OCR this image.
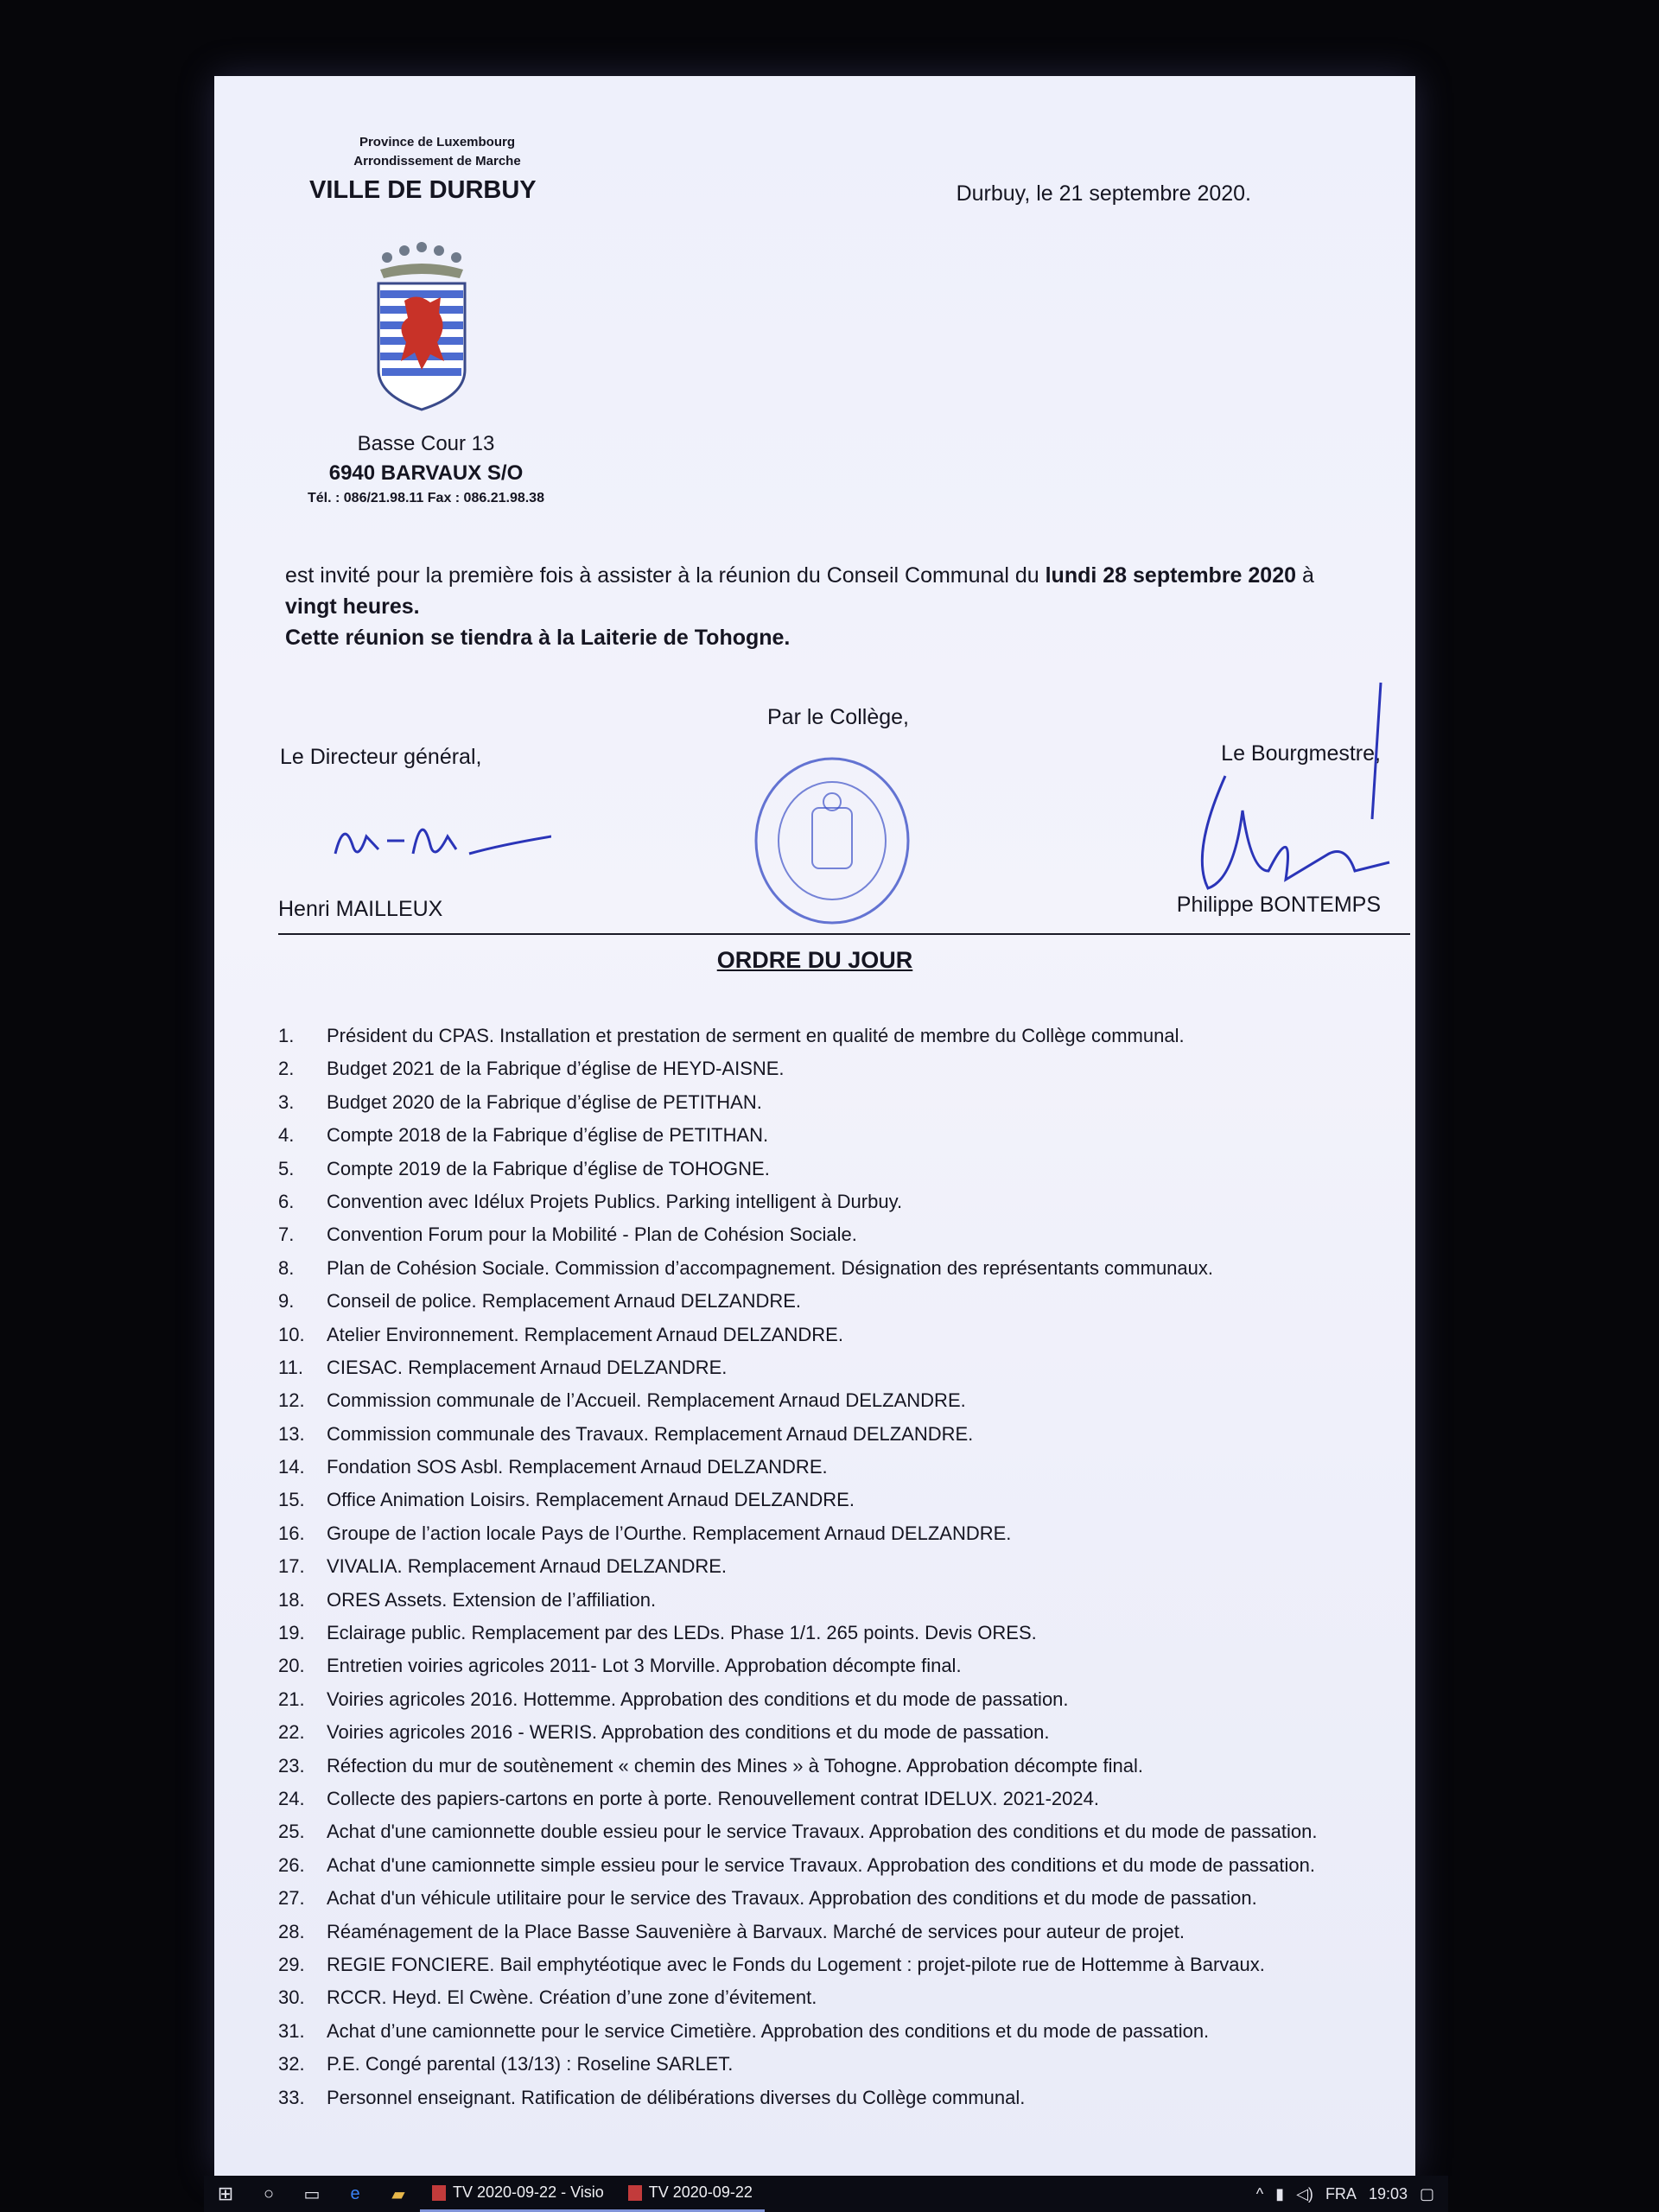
Province de Luxembourg
Arrondissement de Marche
VILLE DE DURBUY
Basse Cour 13
6940 BARVAUX S/O
Tél. : 086/21.98.11 Fax : 086.21.98.38
Durbuy, le 21 septembre 2020.
est invité pour la première fois à assister à la réunion du Conseil Communal du lundi 28 septembre 2020 à
vingt heures.
Cette réunion se tiendra à la Laiterie de Tohogne.
Par le Collège,
Le Directeur général,	Le Bourgmestre,
Henri MAILLEUX	Philippe BONTEMPS
ORDRE DU JOUR
1.	Président du CPAS. Installation et prestation de serment en qualité de membre du Collège communal.
2.	Budget 2021 de la Fabrique d’église de HEYD-AISNE.
3.	Budget 2020 de la Fabrique d’église de PETITHAN.
4.	Compte 2018 de la Fabrique d’église de PETITHAN.
5.	Compte 2019 de la Fabrique d’église de TOHOGNE.
6.	Convention avec Idélux Projets Publics. Parking intelligent à Durbuy.
7.	Convention Forum pour la Mobilité - Plan de Cohésion Sociale.
8.	Plan de Cohésion Sociale. Commission d’accompagnement. Désignation des représentants communaux.
9.	Conseil de police. Remplacement Arnaud DELZANDRE.
10.	Atelier Environnement. Remplacement Arnaud DELZANDRE.
11.	CIESAC. Remplacement Arnaud DELZANDRE.
12.	Commission communale de l’Accueil. Remplacement Arnaud DELZANDRE.
13.	Commission communale des Travaux. Remplacement Arnaud DELZANDRE.
14.	Fondation SOS Asbl. Remplacement Arnaud DELZANDRE.
15.	Office Animation Loisirs. Remplacement Arnaud DELZANDRE.
16.	Groupe de l’action locale Pays de l’Ourthe. Remplacement Arnaud DELZANDRE.
17.	VIVALIA. Remplacement Arnaud DELZANDRE.
18.	ORES Assets. Extension de l’affiliation.
19.	Eclairage public. Remplacement par des LEDs. Phase 1/1. 265 points. Devis ORES.
20.	Entretien voiries agricoles 2011- Lot 3 Morville. Approbation décompte final.
21.	Voiries agricoles 2016. Hottemme. Approbation des conditions et du mode de passation.
22.	Voiries agricoles 2016 - WERIS. Approbation des conditions et du mode de passation.
23.	Réfection du mur de soutènement « chemin des Mines » à Tohogne. Approbation décompte final.
24.	Collecte des papiers-cartons en porte à porte. Renouvellement contrat IDELUX. 2021-2024.
25.	Achat d'une camionnette double essieu pour le service Travaux. Approbation des conditions et du mode de passation.
26.	Achat d'une camionnette simple essieu pour le service Travaux. Approbation des conditions et du mode de passation.
27.	Achat d'un véhicule utilitaire pour le service des Travaux. Approbation des conditions et du mode de passation.
28.	Réaménagement de la Place Basse Sauvenière à Barvaux. Marché de services pour auteur de projet.
29.	REGIE FONCIERE. Bail emphytéotique avec le Fonds du Logement : projet-pilote rue de Hottemme à Barvaux.
30.	RCCR. Heyd. El Cwène. Création d’une zone d’évitement.
31.	Achat d’une camionnette pour le service Cimetière. Approbation des conditions et du mode de passation.
32.	P.E. Congé parental (13/13) : Roseline SARLET.
33.	Personnel enseignant. Ratification de délibérations diverses du Collège communal.
⊞	○	▭	e	▰	TV 2020-09-22 - Visio	TV 2020-09-22	^ ▮ ◁) FRA 19:03 ▢
